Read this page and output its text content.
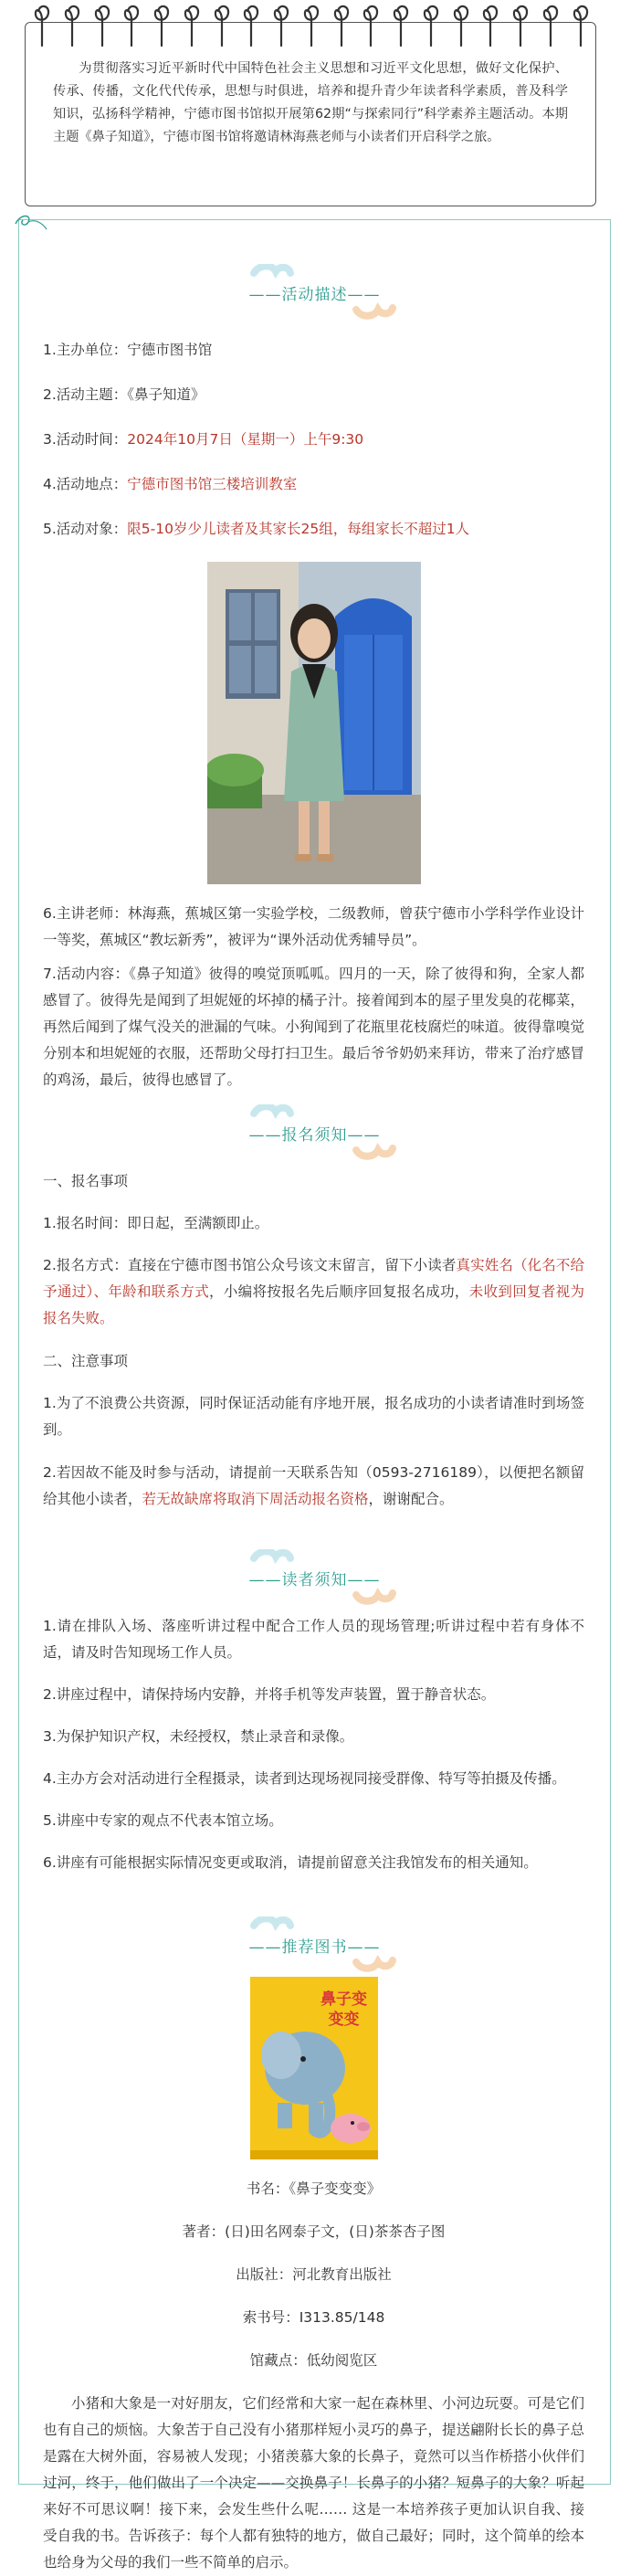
为贯彻落实习近平新时代中国特色社会主义思想和习近平文化思想，做好文化保护、传承、传播，文化代代传承，思想与时俱进，培养和提升青少年读者科学素质，普及科学知识，弘扬科学精神，宁德市图书馆拟开展第62期“与探索同行”科学素养主题活动。本期主题《鼻子知道》，宁德市图书馆将邀请林海燕老师与小读者们开启科学之旅。

——活动描述——

1.主办单位：宁德市图书馆

2.活动主题：《鼻子知道》

3.活动时间：2024年10月7日（星期一）上午9:30

4.活动地点：宁德市图书馆三楼培训教室

5.活动对象：限5-10岁少儿读者及其家长25组，每组家长不超过1人

6.主讲老师：林海燕，蕉城区第一实验学校，二级教师，曾获宁德市小学科学作业设计一等奖，蕉城区“教坛新秀”，被评为“课外活动优秀辅导员”。

7.活动内容：《鼻子知道》彼得的嗅觉顶呱呱。四月的一天，除了彼得和狗，全家人都感冒了。彼得先是闻到了坦妮娅的坏掉的橘子汁。接着闻到本的屋子里发臭的花椰菜，再然后闻到了煤气没关的泄漏的气味。小狗闻到了花瓶里花枝腐烂的味道。彼得靠嗅觉分别本和坦妮娅的衣服，还帮助父母打扫卫生。最后爷爷奶奶来拜访，带来了治疗感冒的鸡汤，最后，彼得也感冒了。

——报名须知——

一、报名事项

1.报名时间：即日起，至满额即止。

2.报名方式：直接在宁德市图书馆公众号该文末留言，留下小读者真实姓名（化名不给予通过）、年龄和联系方式，小编将按报名先后顺序回复报名成功，未收到回复者视为报名失败。

二、注意事项

1.为了不浪费公共资源，同时保证活动能有序地开展，报名成功的小读者请准时到场签到。

2.若因故不能及时参与活动，请提前一天联系告知（0593-2716189），以便把名额留给其他小读者，若无故缺席将取消下周活动报名资格，谢谢配合。

——读者须知——

1.请在排队入场、落座听讲过程中配合工作人员的现场管理;听讲过程中若有身体不适，请及时告知现场工作人员。

2.讲座过程中，请保持场内安静，并将手机等发声装置，置于静音状态。

3.为保护知识产权，未经授权，禁止录音和录像。

4.主办方会对活动进行全程摄录，读者到达现场视同接受群像、特写等拍摄及传播。

5.讲座中专家的观点不代表本馆立场。

6.讲座有可能根据实际情况变更或取消，请提前留意关注我馆发布的相关通知。

——推荐图书——
鼻子变变变

书名：《鼻子变变变》

著者：(日)田名网泰子文，(日)茶茶杏子图

出版社：河北教育出版社

索书号：I313.85/148

馆藏点：低幼阅览区

小猪和大象是一对好朋友，它们经常和大家一起在森林里、小河边玩耍。可是它们也有自己的烦恼。大象苦于自己没有小猪那样短小灵巧的鼻子，提送翩附长长的鼻子总是露在大树外面，容易被人发现；小猪羡慕大象的长鼻子，竟然可以当作桥搭小伙伴们过河，终于，他们做出了一个决定——交换鼻子！长鼻子的小猪？短鼻子的大象？听起来好不可思议啊！接下来，会发生些什么呢…… 这是一本培养孩子更加认识自我、接受自我的书。告诉孩子：每个人都有独特的地方，做自己最好；同时，这个简单的绘本也给身为父母的我们一些不简单的启示。
